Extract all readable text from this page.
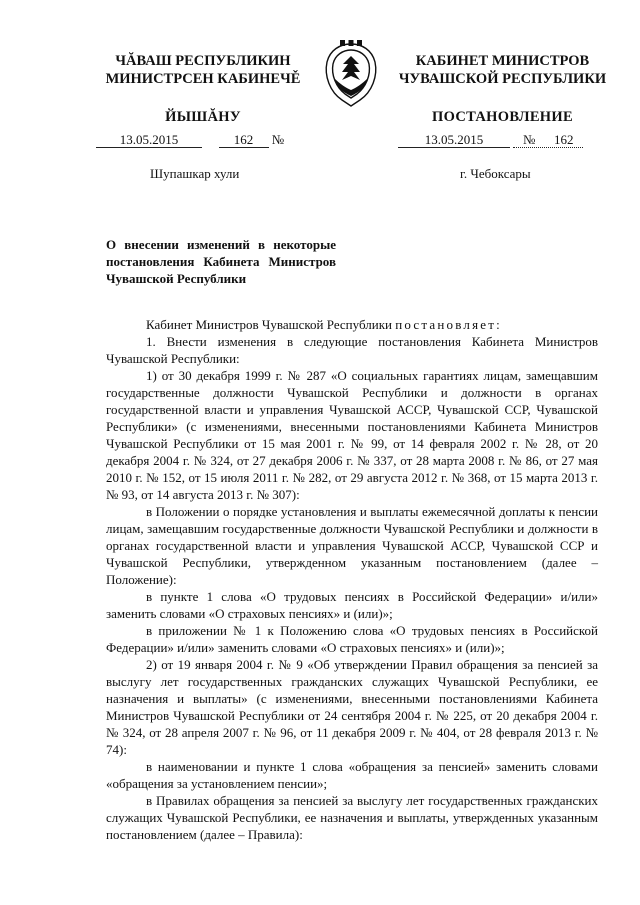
ЧĂВАШ РЕСПУБЛИКИН
МИНИСТРСЕН КАБИНЕЧĚ
ЙЫШĂНУ
КАБИНЕТ МИНИСТРОВ
ЧУВАШСКОЙ РЕСПУБЛИКИ
ПОСТАНОВЛЕНИЕ
13.05.2015	162 №	13.05.2015	№ 162
Шупашкар хули	г. Чебоксары
О внесении изменений в некоторые постановления Кабинета Министров Чувашской Республики

Кабинет Министров Чувашской Республики постановляет:

1. Внести изменения в следующие постановления Кабинета Министров Чувашской Республики:

1) от 30 декабря 1999 г. № 287 «О социальных гарантиях лицам, замещавшим государственные должности Чувашской Республики и должности в органах государственной власти и управления Чувашской АССР, Чувашской ССР, Чувашской Республики» (с изменениями, внесенными постановлениями Кабинета Министров Чувашской Республики от 15 мая 2001 г. № 99, от 14 февраля 2002 г. № 28, от 20 декабря 2004 г. № 324, от 27 декабря 2006 г. № 337, от 28 марта 2008 г. № 86, от 27 мая 2010 г. № 152, от 15 июля 2011 г. № 282, от 29 августа 2012 г. № 368, от 15 марта 2013 г. № 93, от 14 августа 2013 г. № 307):

в Положении о порядке установления и выплаты ежемесячной доплаты к пенсии лицам, замещавшим государственные должности Чувашской Республики и должности в органах государственной власти и управления Чувашской АССР, Чувашской ССР и Чувашской Республики, утвержденном указанным постановлением (далее – Положение):

в пункте 1 слова «О трудовых пенсиях в Российской Федерации» и/или» заменить словами «О страховых пенсиях» и (или)»;

в приложении № 1 к Положению слова «О трудовых пенсиях в Российской Федерации» и/или» заменить словами «О страховых пенсиях» и (или)»;

2) от 19 января 2004 г. № 9 «Об утверждении Правил обращения за пенсией за выслугу лет государственных гражданских служащих Чувашской Республики, ее назначения и выплаты» (с изменениями, внесенными постановлениями Кабинета Министров Чувашской Республики от 24 сентября 2004 г. № 225, от 20 декабря 2004 г. № 324, от 28 апреля 2007 г. № 96, от 11 декабря 2009 г. № 404, от 28 февраля 2013 г. № 74):

в наименовании и пункте 1 слова «обращения за пенсией» заменить словами «обращения за установлением пенсии»;

в Правилах обращения за пенсией за выслугу лет государственных гражданских служащих Чувашской Республики, ее назначения и выплаты, утвержденных указанным постановлением (далее – Правила):
